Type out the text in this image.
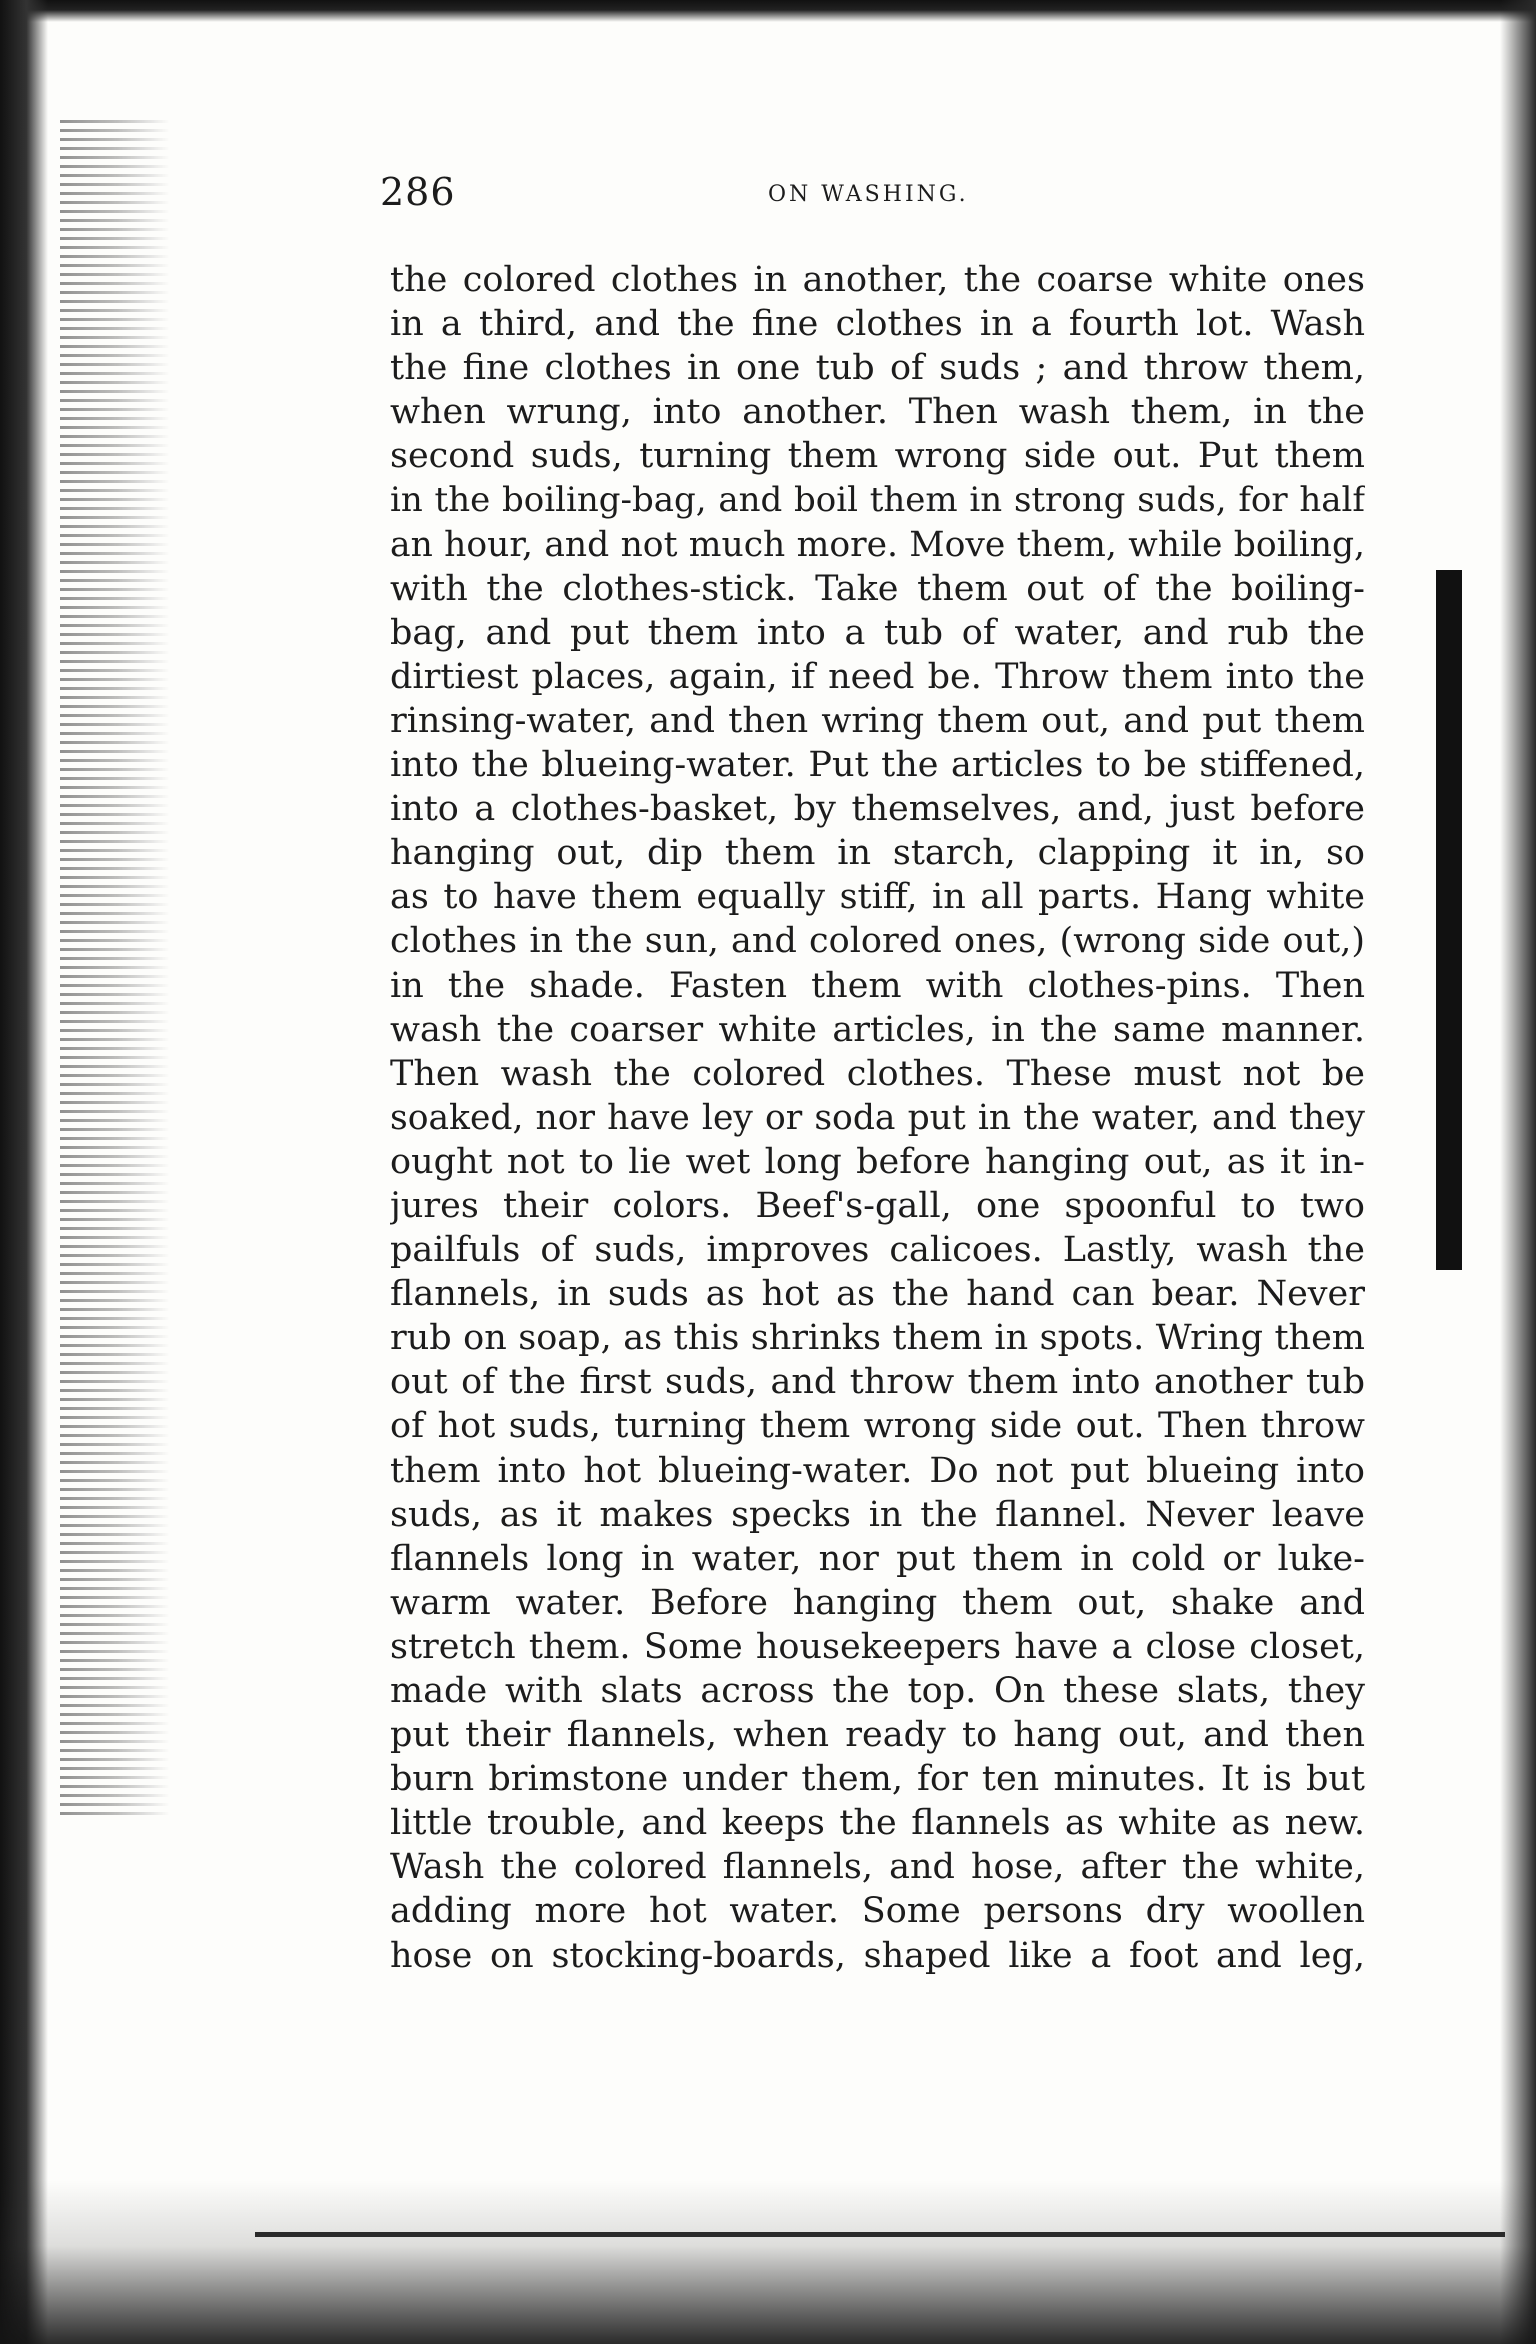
286	ON WASHING.
the colored clothes in another, the coarse white ones
in a third, and the fine clothes in a fourth lot. Wash
the fine clothes in one tub of suds ; and throw them,
when wrung, into another. Then wash them, in the
second suds, turning them wrong side out. Put them
in the boiling-bag, and boil them in strong suds, for half
an hour, and not much more. Move them, while boiling,
with the clothes-stick. Take them out of the boiling-
bag, and put them into a tub of water, and rub the
dirtiest places, again, if need be. Throw them into the
rinsing-water, and then wring them out, and put them
into the blueing-water. Put the articles to be stiffened,
into a clothes-basket, by themselves, and, just before
hanging out, dip them in starch, clapping it in, so
as to have them equally stiff, in all parts. Hang white
clothes in the sun, and colored ones, (wrong side out,)
in the shade. Fasten them with clothes-pins. Then
wash the coarser white articles, in the same manner.
Then wash the colored clothes. These must not be
soaked, nor have ley or soda put in the water, and they
ought not to lie wet long before hanging out, as it in-
jures their colors. Beef's-gall, one spoonful to two
pailfuls of suds, improves calicoes. Lastly, wash the
flannels, in suds as hot as the hand can bear. Never
rub on soap, as this shrinks them in spots. Wring them
out of the first suds, and throw them into another tub
of hot suds, turning them wrong side out. Then throw
them into hot blueing-water. Do not put blueing into
suds, as it makes specks in the flannel. Never leave
flannels long in water, nor put them in cold or luke-
warm water. Before hanging them out, shake and
stretch them. Some housekeepers have a close closet,
made with slats across the top. On these slats, they
put their flannels, when ready to hang out, and then
burn brimstone under them, for ten minutes. It is but
little trouble, and keeps the flannels as white as new.
Wash the colored flannels, and hose, after the white,
adding more hot water. Some persons dry woollen
hose on stocking-boards, shaped like a foot and leg,
